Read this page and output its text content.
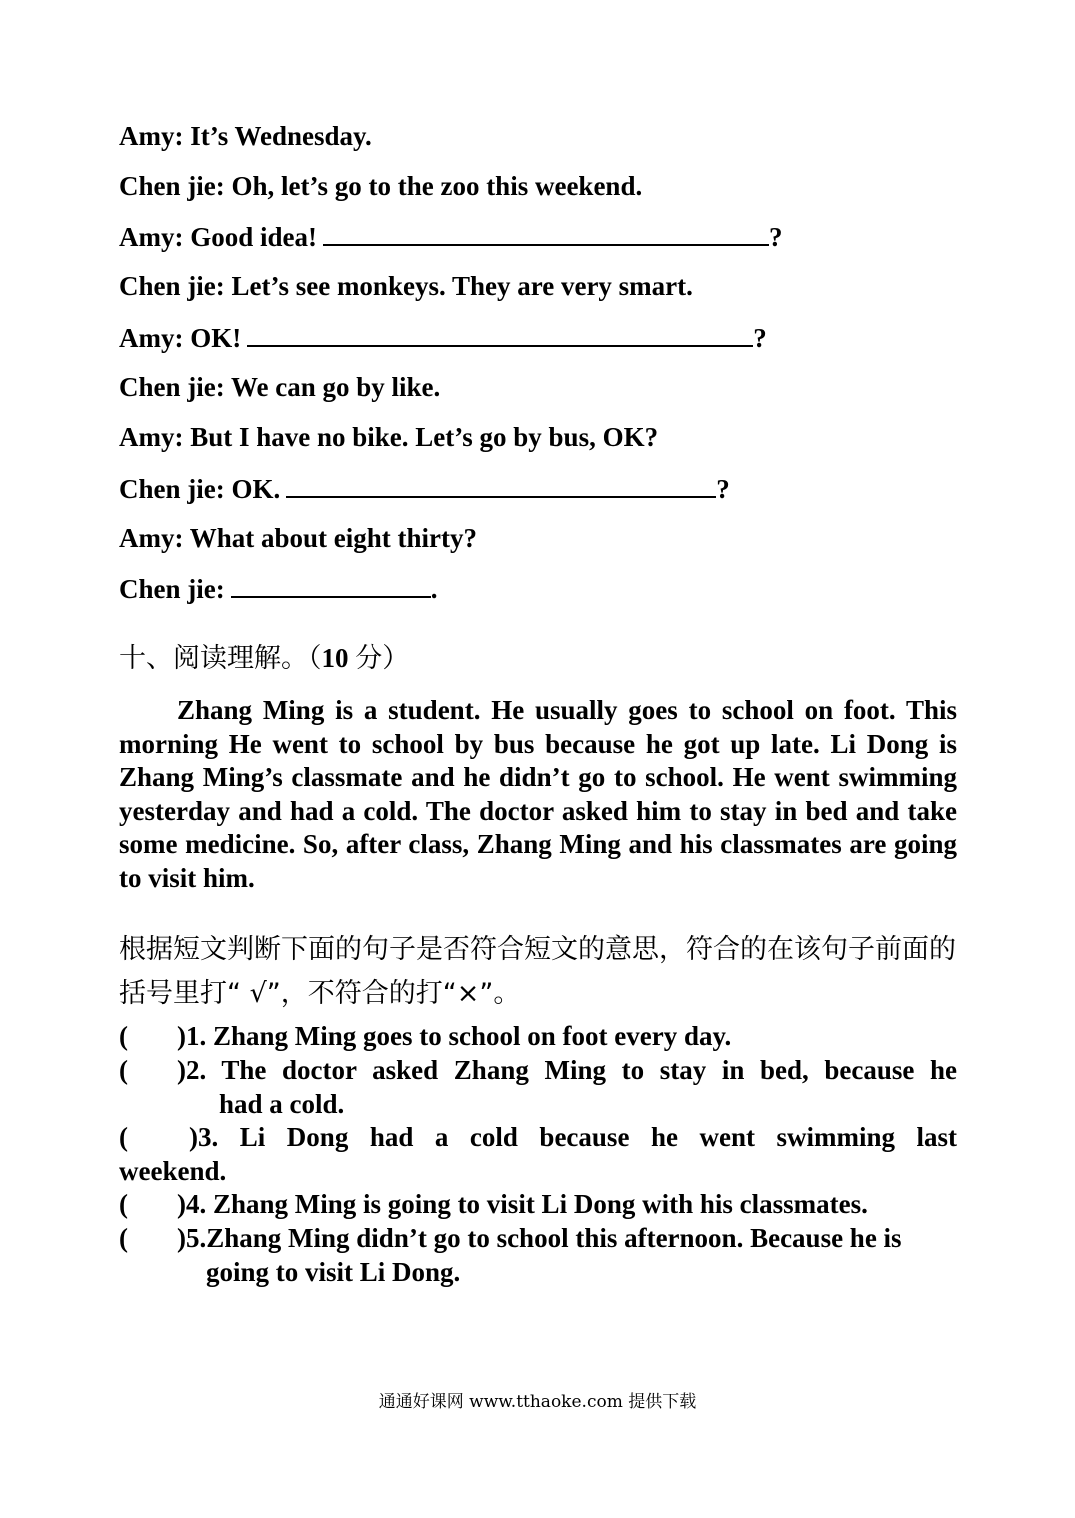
Amy: It’s Wednesday.
Chen jie: Oh, let’s go to the zoo this weekend.
Amy: Good idea!	?
Chen jie: Let’s see monkeys. They are very smart.
Amy: OK!	?
Chen jie: We can go by like.
Amy: But I have no bike. Let’s go by bus, OK?
Chen jie: OK.	?
Amy: What about eight thirty?
Chen jie:	.
十、阅读理解。（10 分）
Zhang Ming is a student. He usually goes to school on foot. This morning He went to school by bus because he got up late. Li Dong is Zhang Ming’s classmate and he didn’t go to school. He went swimming yesterday and had a cold. The doctor asked him to stay in bed and take some medicine. So, after class, Zhang Ming and his classmates are going to visit him.
根据短文判断下面的句子是否符合短文的意思，符合的在该句子前面的括号里打“ √”，不符合的打“×”。
( )1. Zhang Ming goes to school on foot every day.
( )2. The doctor asked Zhang Ming to stay in bed, because he
had a cold.
( )3. Li Dong had a cold because he went swimming last
weekend.
( )4. Zhang Ming is going to visit Li Dong with his classmates.
( )5.Zhang Ming didn’t go to school this afternoon. Because he is
going to visit Li Dong.
通通好课网 www.tthaoke.com 提供下载
